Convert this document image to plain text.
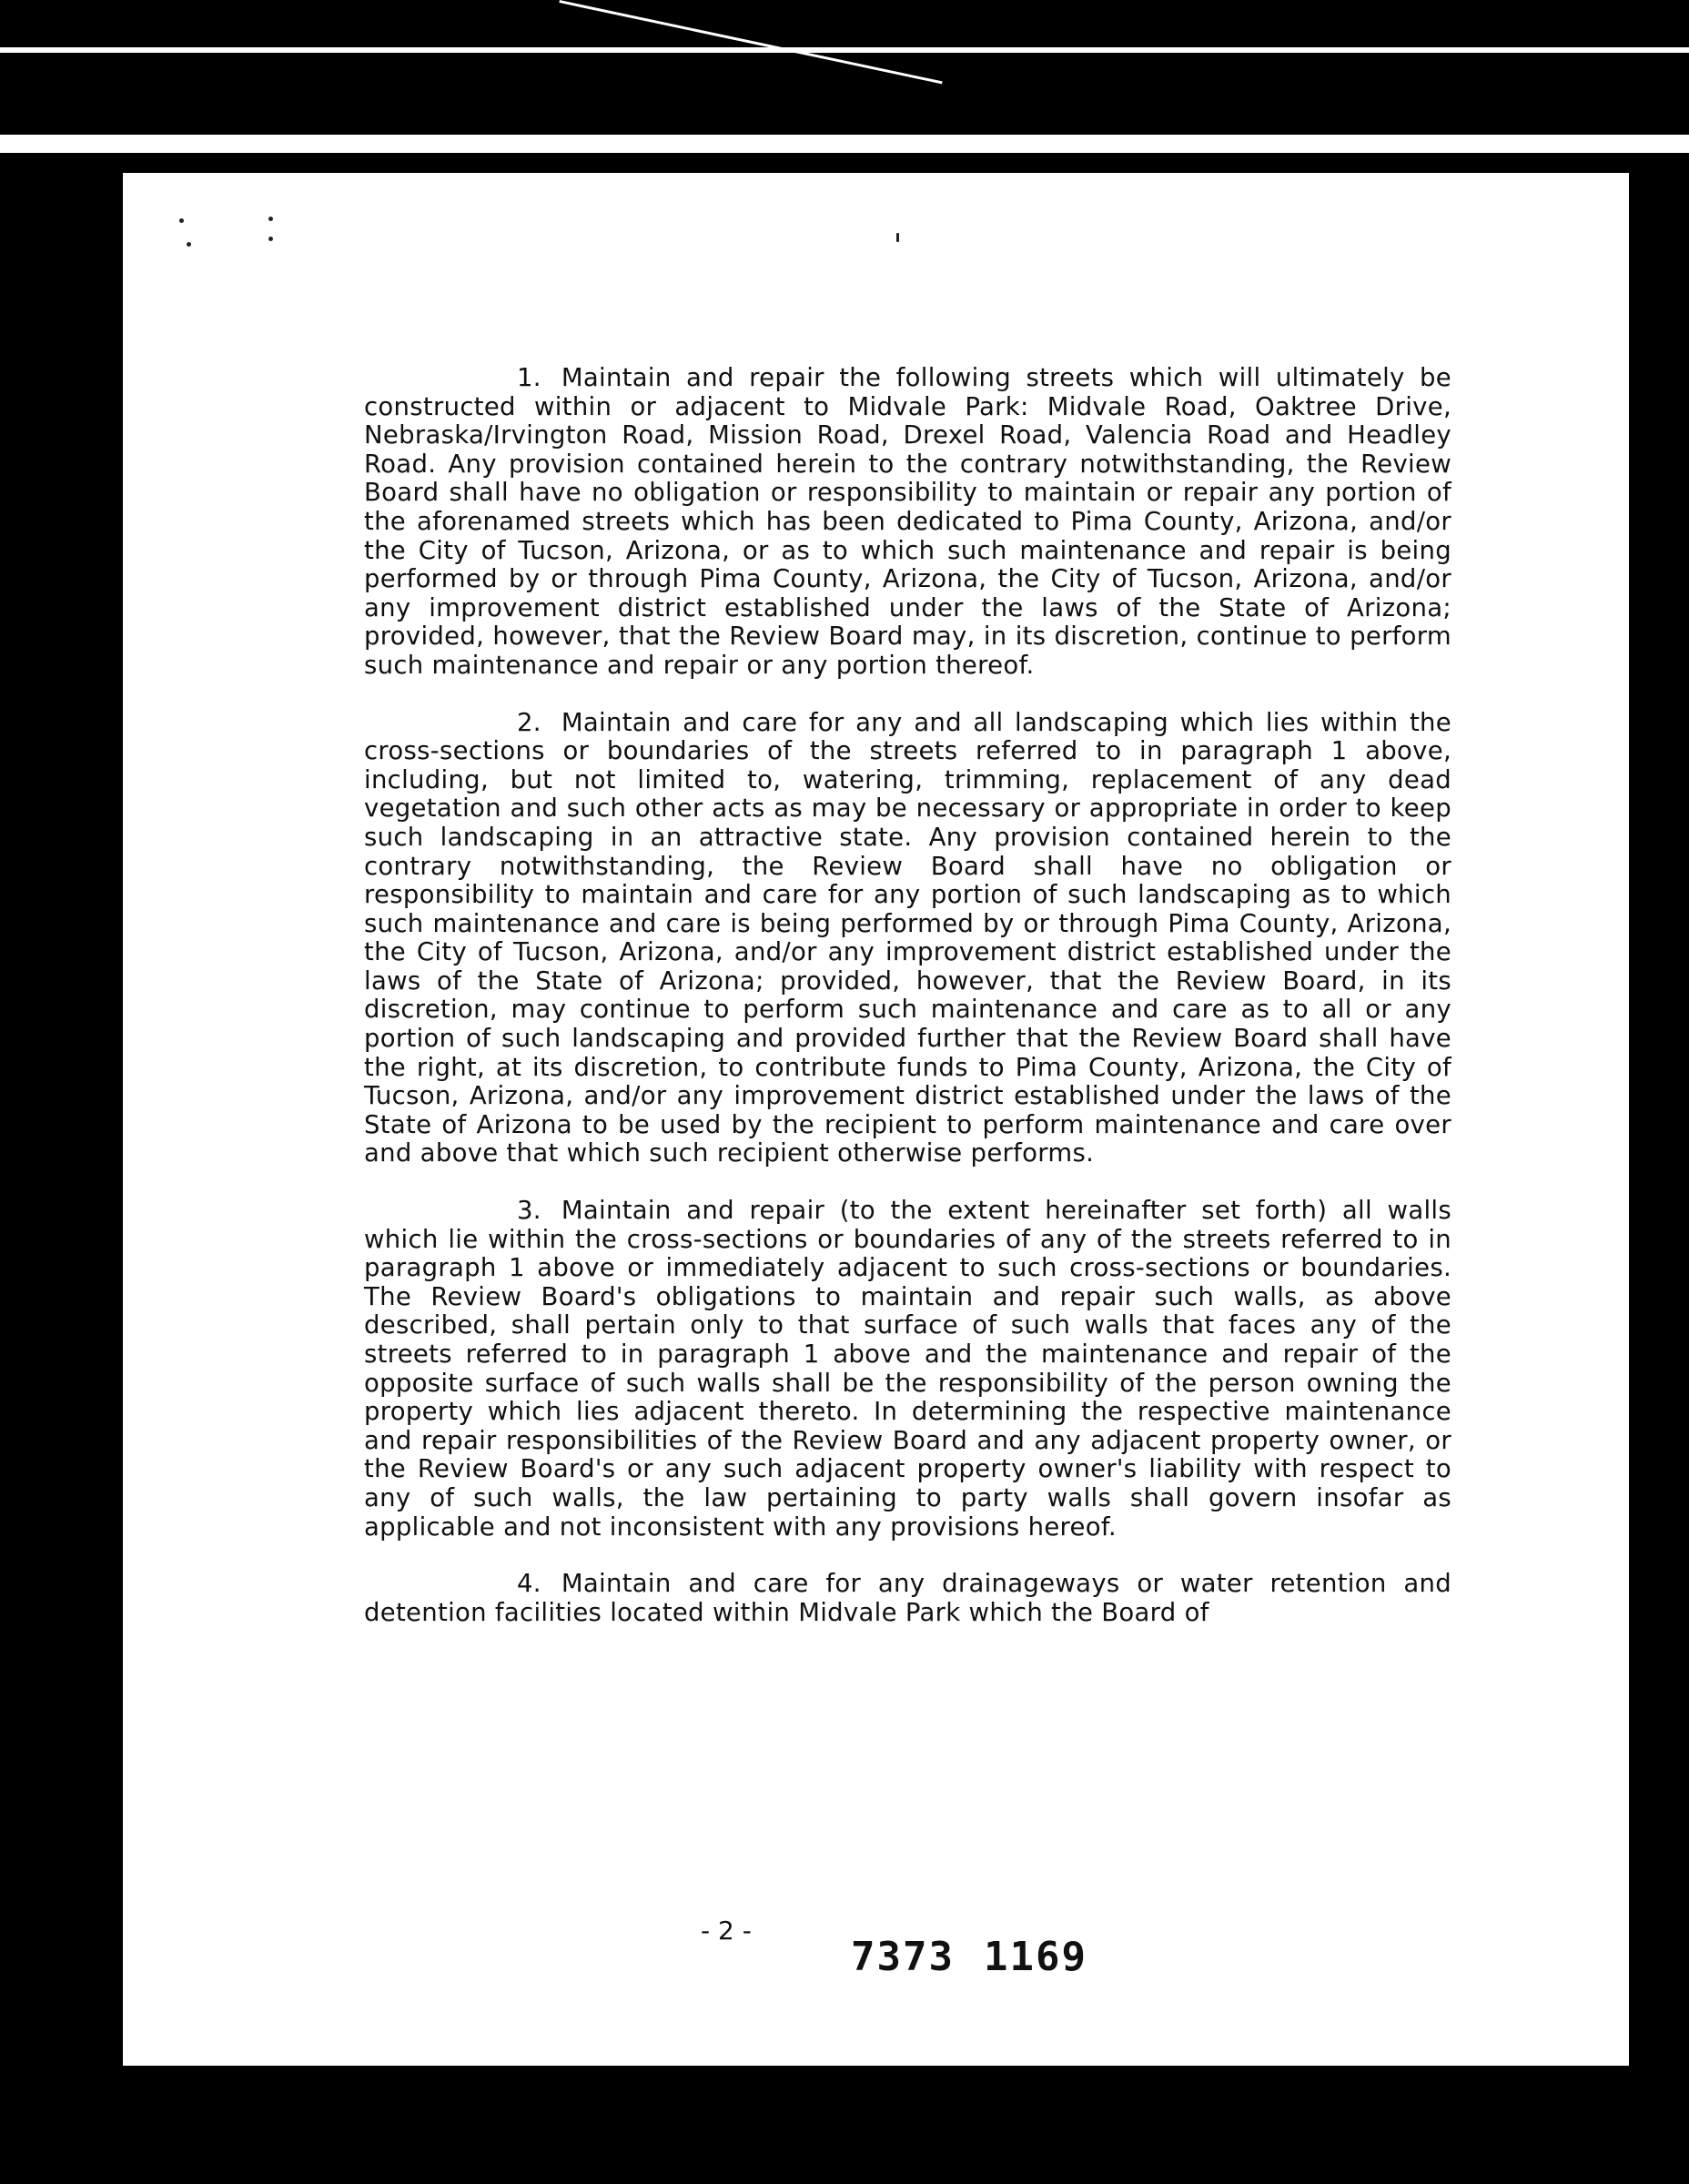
1. Maintain and repair the following streets which will ultimately be constructed within or adjacent to Midvale Park: Midvale Road, Oaktree Drive, Nebraska/Irvington Road, Mission Road, Drexel Road, Valencia Road and Headley Road. Any provision contained herein to the contrary notwithstanding, the Review Board shall have no obligation or responsibility to maintain or repair any portion of the aforenamed streets which has been dedicated to Pima County, Arizona, and/or the City of Tucson, Arizona, or as to which such maintenance and repair is being performed by or through Pima County, Arizona, the City of Tucson, Arizona, and/or any improvement district established under the laws of the State of Arizona; provided, however, that the Review Board may, in its discretion, continue to perform such maintenance and repair or any portion thereof.

2. Maintain and care for any and all landscaping which lies within the cross-sections or boundaries of the streets referred to in paragraph 1 above, including, but not limited to, watering, trimming, replacement of any dead vegetation and such other acts as may be necessary or appropriate in order to keep such landscaping in an attractive state. Any provision contained herein to the contrary notwithstanding, the Review Board shall have no obligation or responsibility to maintain and care for any portion of such landscaping as to which such maintenance and care is being performed by or through Pima County, Arizona, the City of Tucson, Arizona, and/or any improvement district established under the laws of the State of Arizona; provided, however, that the Review Board, in its discretion, may continue to perform such maintenance and care as to all or any portion of such landscaping and provided further that the Review Board shall have the right, at its discretion, to contribute funds to Pima County, Arizona, the City of Tucson, Arizona, and/or any improvement district established under the laws of the State of Arizona to be used by the recipient to perform maintenance and care over and above that which such recipient otherwise performs.

3. Maintain and repair (to the extent hereinafter set forth) all walls which lie within the cross-sections or boundaries of any of the streets referred to in paragraph 1 above or immediately adjacent to such cross-sections or boundaries. The Review Board's obligations to maintain and repair such walls, as above described, shall pertain only to that surface of such walls that faces any of the streets referred to in paragraph 1 above and the maintenance and repair of the opposite surface of such walls shall be the responsibility of the person owning the property which lies adjacent thereto. In determining the respective maintenance and repair responsibilities of the Review Board and any adjacent property owner, or the Review Board's or any such adjacent property owner's liability with respect to any of such walls, the law pertaining to party walls shall govern insofar as applicable and not inconsistent with any provisions hereof.

4. Maintain and care for any drainageways or water retention and detention facilities located within Midvale Park which the Board of

- 2 -
7373 1169
